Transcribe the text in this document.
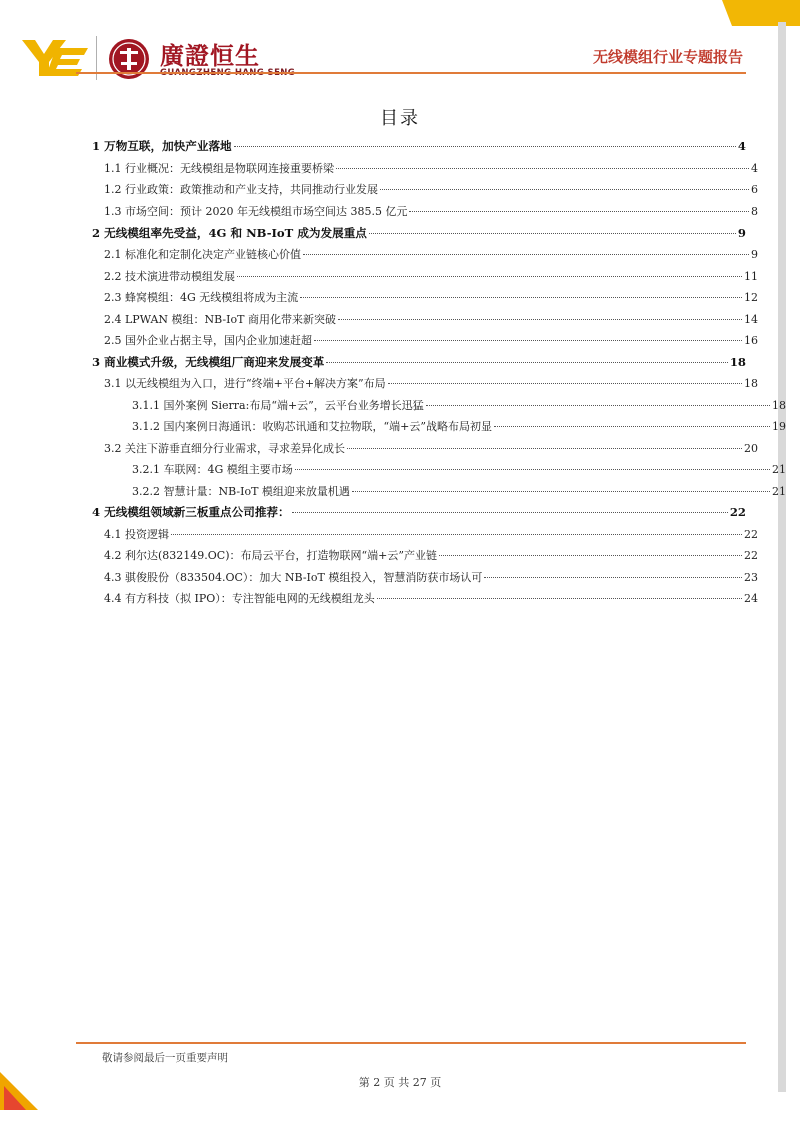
廣證恒生	无线模组行业专题报告
目录
1 万物互联，加快产业落地	4
1.1 行业概况：无线模组是物联网连接重要桥梁	4
1.2 行业政策：政策推动和产业支持，共同推动行业发展	6
1.3 市场空间：预计 2020 年无线模组市场空间达 385.5 亿元	8
2 无线模组率先受益，4G 和 NB-IoT 成为发展重点	9
2.1 标准化和定制化决定产业链核心价值	9
2.2 技术演进带动模组发展	11
2.3 蜂窝模组：4G 无线模组将成为主流	12
2.4 LPWAN 模组：NB-IoT 商用化带来新突破	14
2.5 国外企业占据主导，国内企业加速赶超	16
3 商业模式升级，无线模组厂商迎来发展变革	18
3.1 以无线模组为入口，进行“终端+平台+解决方案”布局	18
3.1.1 国外案例 Sierra:布局“端+云”，云平台业务增长迅猛	18
3.1.2 国内案例日海通讯：收购芯讯通和艾拉物联，“端+云”战略布局初显	19
3.2 关注下游垂直细分行业需求，寻求差异化成长	20
3.2.1 车联网：4G 模组主要市场	21
3.2.2 智慧计量：NB-IoT 模组迎来放量机遇	21
4 无线模组领域新三板重点公司推荐：	22
4.1 投资逻辑	22
4.2 利尔达(832149.OC)：布局云平台，打造物联网“端+云”产业链	22
4.3 骐俊股份（833504.OC）：加大 NB-IoT 模组投入，智慧消防获市场认可	23
4.4 有方科技（拟 IPO）：专注智能电网的无线模组龙头	24
敬请参阅最后一页重要声明
第 2 页 共 27 页
